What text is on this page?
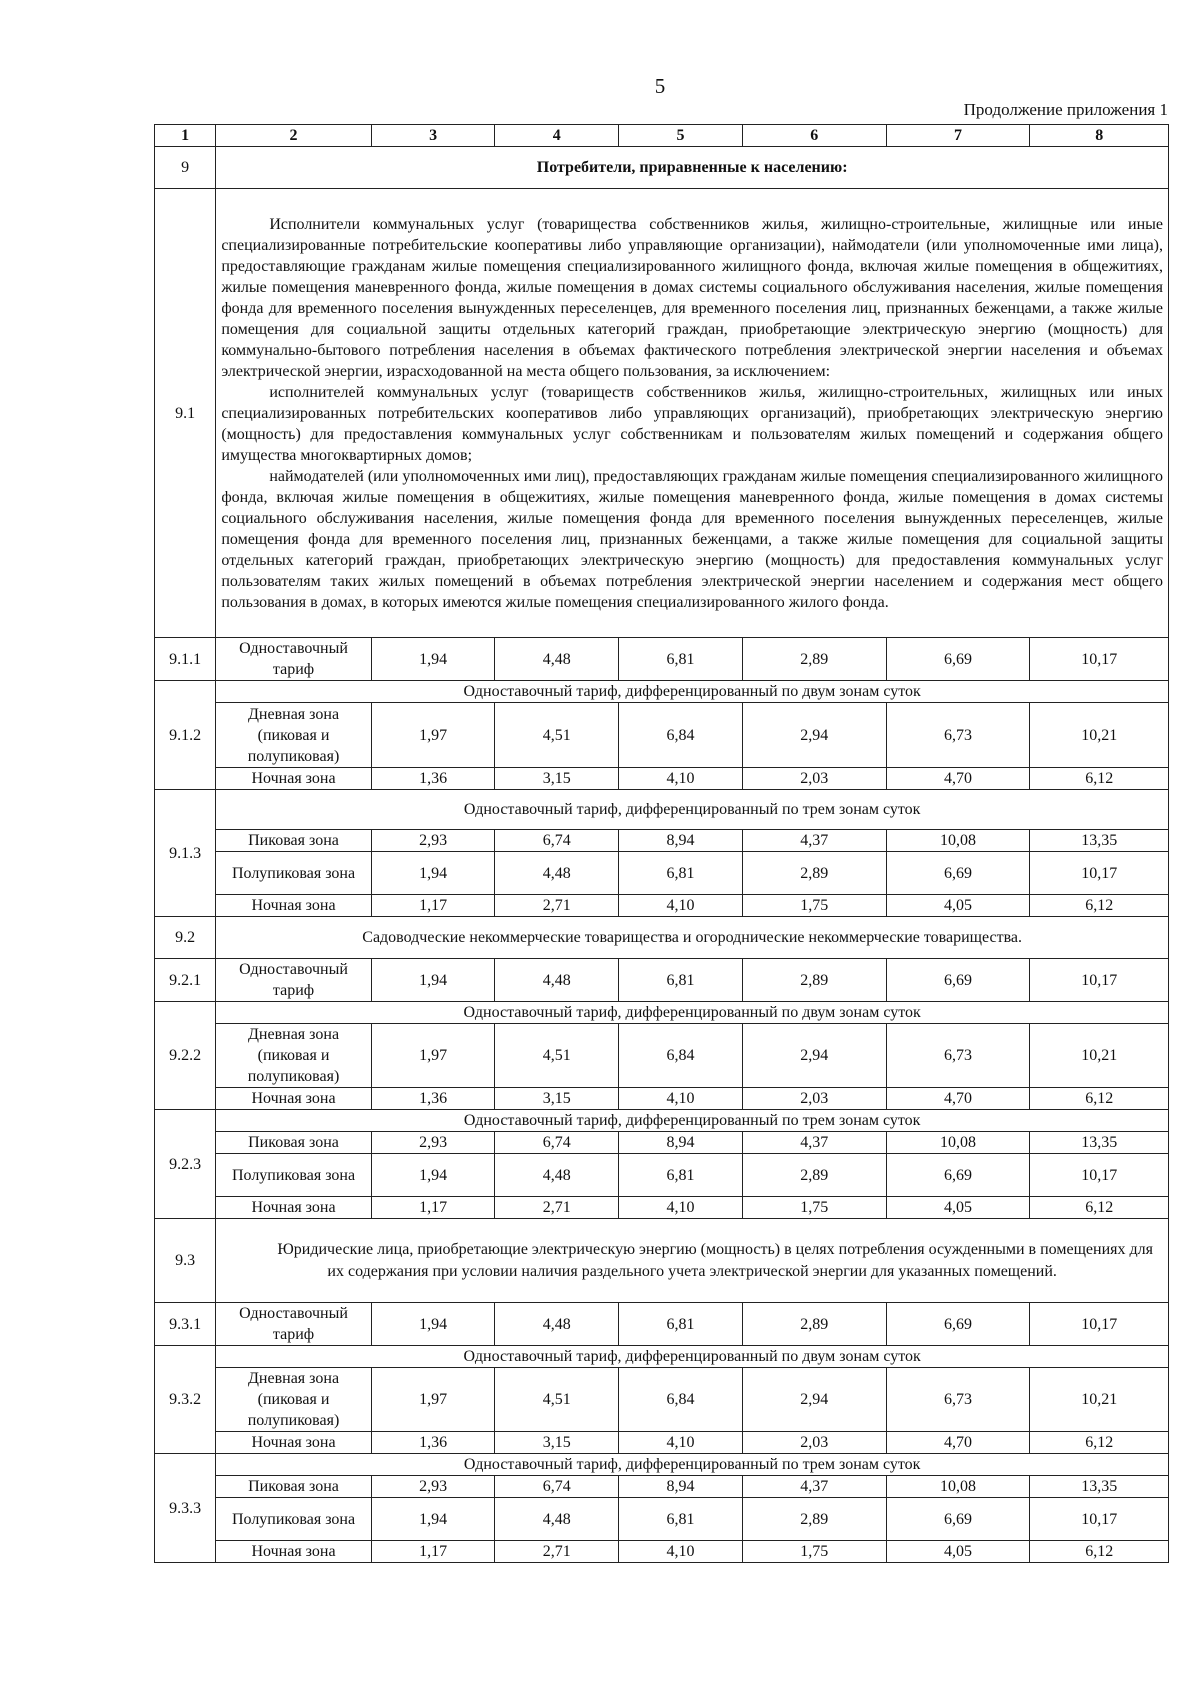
5
Продолжение приложения 1
1	2	3	4	5	6	7	8
9	Потребители, приравненные к населению:						
9.1	Исполнители коммунальных услуг (товарищества собственников жилья, жилищно-строительные, жилищные или иные специализированные потребительские кооперативы либо управляющие организации), наймодатели (или уполномоченные ими лица), предоставляющие гражданам жилые помещения специализированного жилищного фонда, включая жилые помещения в общежитиях, жилые помещения маневренного фонда, жилые помещения в домах системы социального обслуживания населения, жилые помещения фонда для временного поселения вынужденных переселенцев, для временного поселения лиц, признанных беженцами, а также жилые помещения для социальной защиты отдельных категорий граждан, приобретающие электрическую энергию (мощность) для коммунально-бытового потребления населения в объемах фактического потребления электрической энергии населения и объемах электрической энергии, израсходованной на места общего пользования, за исключением:

исполнителей коммунальных услуг (товариществ собственников жилья, жилищно-строительных, жилищных или иных специализированных потребительских кооперативов либо управляющих организаций), приобретающих электрическую энергию (мощность) для предоставления коммунальных услуг собственникам и пользователям жилых помещений и содержания общего имущества многоквартирных домов;

наймодателей (или уполномоченных ими лиц), предоставляющих гражданам жилые помещения специализированного жилищного фонда, включая жилые помещения в общежитиях, жилые помещения маневренного фонда, жилые помещения в домах системы социального обслуживания населения, жилые помещения фонда для временного поселения вынужденных переселенцев, жилые помещения фонда для временного поселения лиц, признанных беженцами, а также жилые помещения для социальной защиты отдельных категорий граждан, приобретающих электрическую энергию (мощность) для предоставления коммунальных услуг пользователям таких жилых помещений в объемах потребления электрической энергии населением и содержания мест общего пользования в домах, в которых имеются жилые помещения специализированного жилого фонда.						

9.1.1	Одноставочный тариф	1,94	4,48	6,81	2,89	6,69	10,17
9.1.2	Одноставочный тариф, дифференцированный по двум зонам суток						
	Дневная зона (пиковая и полупиковая)	1,97	4,51	6,84	2,94	6,73	10,21
	Ночная зона	1,36	3,15	4,10	2,03	4,70	6,12
9.1.3	Одноставочный тариф, дифференцированный по трем зонам суток						
	Пиковая зона	2,93	6,74	8,94	4,37	10,08	13,35
	Полупиковая зона	1,94	4,48	6,81	2,89	6,69	10,17
	Ночная зона	1,17	2,71	4,10	1,75	4,05	6,12
9.2	Садоводческие некоммерческие товарищества и огороднические некоммерческие товарищества.						
9.2.1	Одноставочный тариф	1,94	4,48	6,81	2,89	6,69	10,17
9.2.2	Одноставочный тариф, дифференцированный по двум зонам суток						
	Дневная зона (пиковая и полупиковая)	1,97	4,51	6,84	2,94	6,73	10,21
	Ночная зона	1,36	3,15	4,10	2,03	4,70	6,12
9.2.3	Одноставочный тариф, дифференцированный по трем зонам суток						
	Пиковая зона	2,93	6,74	8,94	4,37	10,08	13,35
	Полупиковая зона	1,94	4,48	6,81	2,89	6,69	10,17
	Ночная зона	1,17	2,71	4,10	1,75	4,05	6,12
9.3	Юридические лица, приобретающие электрическую энергию (мощность) в целях потребления осужденными в помещениях для их содержания при условии наличия раздельного учета электрической энергии для указанных помещений.						
9.3.1	Одноставочный тариф	1,94	4,48	6,81	2,89	6,69	10,17
9.3.2	Одноставочный тариф, дифференцированный по двум зонам суток						
	Дневная зона (пиковая и полупиковая)	1,97	4,51	6,84	2,94	6,73	10,21
	Ночная зона	1,36	3,15	4,10	2,03	4,70	6,12
9.3.3	Одноставочный тариф, дифференцированный по трем зонам суток						
	Пиковая зона	2,93	6,74	8,94	4,37	10,08	13,35
	Полупиковая зона	1,94	4,48	6,81	2,89	6,69	10,17
	Ночная зона	1,17	2,71	4,10	1,75	4,05	6,12
